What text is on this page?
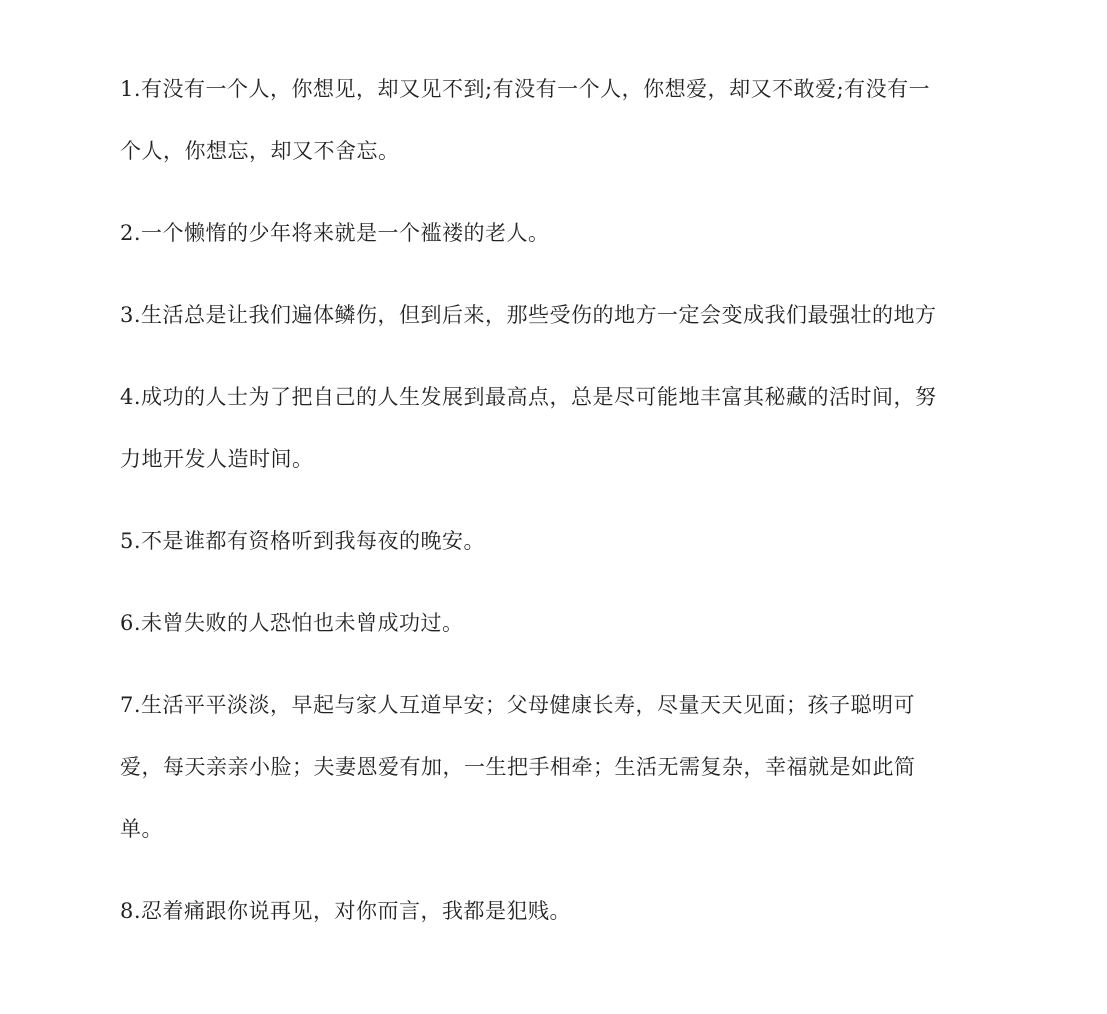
1.有没有一个人，你想见，却又见不到;有没有一个人，你想爱，却又不敢爱;有没有一个人，你想忘，却又不舍忘。

2.一个懒惰的少年将来就是一个褴褛的老人。

3.生活总是让我们遍体鳞伤，但到后来，那些受伤的地方一定会变成我们最强壮的地方

4.成功的人士为了把自己的人生发展到最高点，总是尽可能地丰富其秘藏的活时间，努力地开发人造时间。

5.不是谁都有资格听到我每夜的晚安。

6.未曾失败的人恐怕也未曾成功过。

7.生活平平淡淡，早起与家人互道早安；父母健康长寿，尽量天天见面；孩子聪明可爱，每天亲亲小脸；夫妻恩爱有加，一生把手相牵；生活无需复杂，幸福就是如此简单。

8.忍着痛跟你说再见，对你而言，我都是犯贱。
